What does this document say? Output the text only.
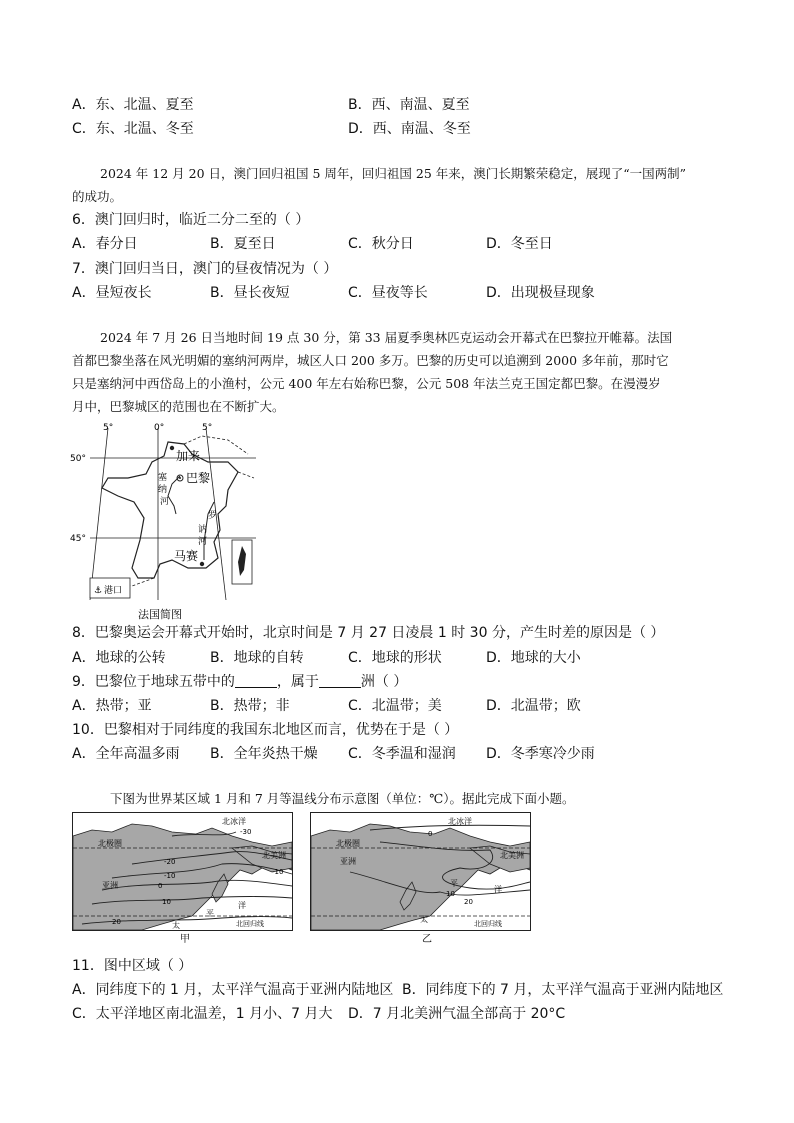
A．东、北温、夏至	B．西、南温、夏至
C．东、北温、冬至	D．西、南温、冬至
2024 年 12 月 20 日，澳门回归祖国 5 周年，回归祖国 25 年来，澳门长期繁荣稳定，展现了“一国两制”
的成功。
6．澳门回归时，临近二分二至的（ ）
A．春分日	B．夏至日	C．秋分日	D．冬至日
7．澳门回归当日，澳门的昼夜情况为（ ）
A．昼短夜长	B．昼长夜短	C．昼夜等长	D．出现极昼现象
2024 年 7 月 26 日当地时间 19 点 30 分，第 33 届夏季奥林匹克运动会开幕式在巴黎拉开帷幕。法国
首都巴黎坐落在风光明媚的塞纳河两岸，城区人口 200 多万。巴黎的历史可以追溯到 2000 多年前，那时它
只是塞纳河中西岱岛上的小渔村，公元 400 年左右始称巴黎，公元 508 年法兰克王国定都巴黎。在漫漫岁
月中，巴黎城区的范围也在不断扩大。
⚓ 港口
5°	0°	5°
50°
45°
加来
巴黎
马赛
塞
纳
河
罗
讷
河
法国简图
8．巴黎奥运会开幕式开始时，北京时间是 7 月 27 日凌晨 1 时 30 分，产生时差的原因是（ ）
A．地球的公转	B．地球的自转	C．地球的形状	D．地球的大小
9．巴黎位于地球五带中的	，属于	洲（ ）
A．热带；亚	B．热带；非	C．北温带；美	D．北温带；欧
10．巴黎相对于同纬度的我国东北地区而言，优势在于是（ ）
A．全年高温多雨 B．全年炎热干燥 C．冬季温和湿润 D．冬季寒冷少雨
下图为世界某区域 1 月和 7 月等温线分布示意图（单位：℃）。据此完成下面小题。
北冰洋
北极圈
亚洲
北美洲
太
平
洋
北回归线
-30
-20
-10	-10
0
10
20
甲
北冰洋
北极圈
亚洲
北美洲
太
平
洋
北回归线
0
10
20
乙
11．图中区域（ ）
A．同纬度下的 1 月，太平洋气温高于亚洲内陆地区 B．同纬度下的 7 月，太平洋气温高于亚洲内陆地区
C．太平洋地区南北温差，1 月小、7 月大 D．7 月北美洲气温全部高于 20°C
